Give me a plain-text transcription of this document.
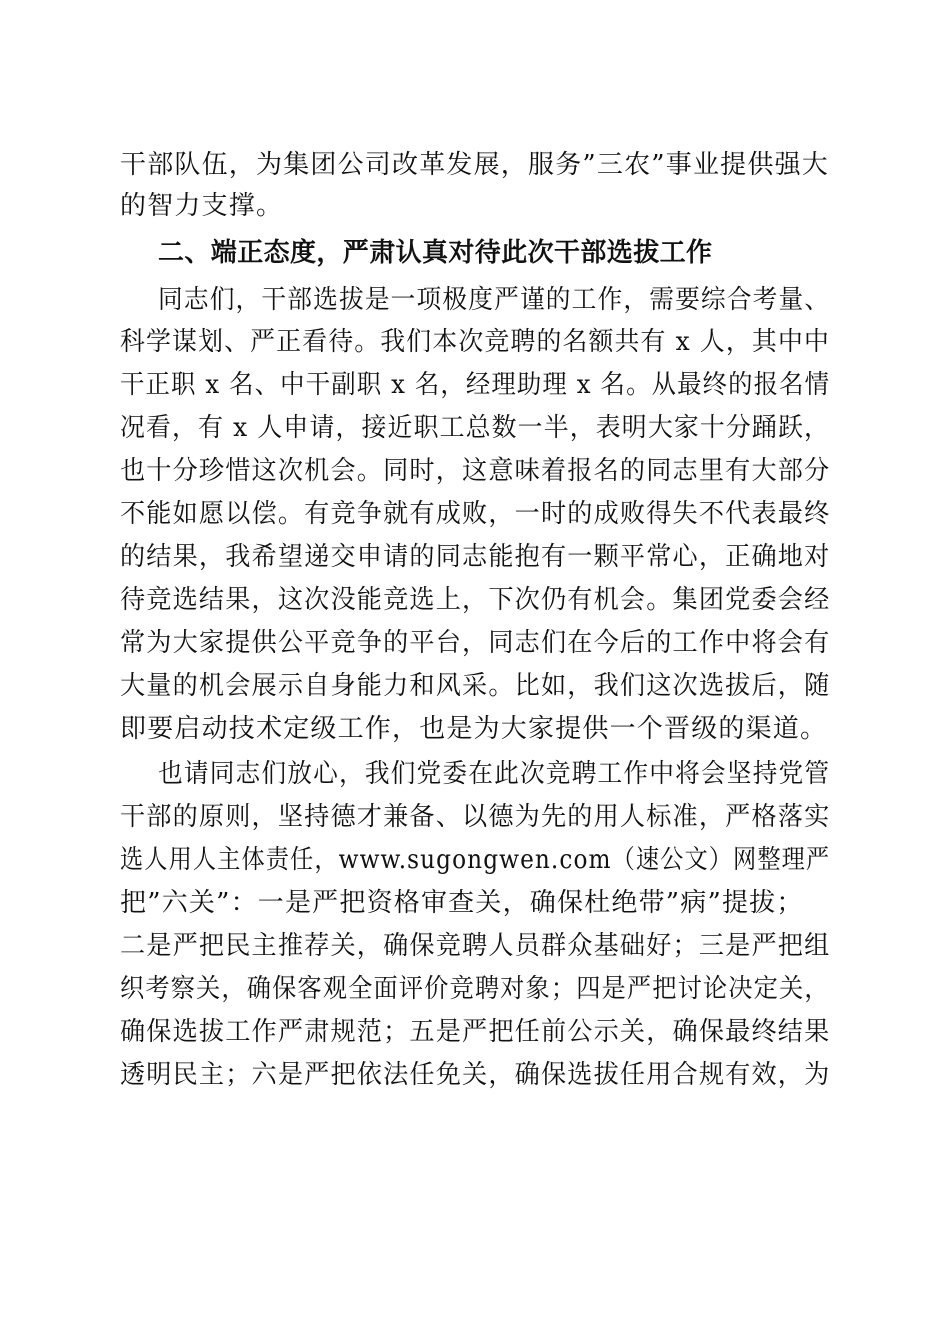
干部队伍，为集团公司改革发展，服务”三农”事业提供强大
的智力支撑。
二、端正态度，严肃认真对待此次干部选拔工作
同志们，干部选拔是一项极度严谨的工作，需要综合考量、
科学谋划、严正看待。我们本次竞聘的名额共有 x 人，其中中
干正职 x 名、中干副职 x 名，经理助理 x 名。从最终的报名情
况看，有 x 人申请，接近职工总数一半，表明大家十分踊跃，
也十分珍惜这次机会。同时，这意味着报名的同志里有大部分
不能如愿以偿。有竞争就有成败，一时的成败得失不代表最终
的结果，我希望递交申请的同志能抱有一颗平常心，正确地对
待竞选结果，这次没能竞选上，下次仍有机会。集团党委会经
常为大家提供公平竞争的平台，同志们在今后的工作中将会有
大量的机会展示自身能力和风采。比如，我们这次选拔后，随
即要启动技术定级工作，也是为大家提供一个晋级的渠道。
也请同志们放心，我们党委在此次竞聘工作中将会坚持党管
干部的原则，坚持德才兼备、以德为先的用人标准，严格落实
选人用人主体责任，www.sugongwen.com（速公文）网整理严
把”六关”：一是严把资格审查关，确保杜绝带”病”提拔；
二是严把民主推荐关，确保竞聘人员群众基础好；三是严把组
织考察关，确保客观全面评价竞聘对象；四是严把讨论决定关，
确保选拔工作严肃规范；五是严把任前公示关，确保最终结果
透明民主；六是严把依法任免关，确保选拔任用合规有效，为
